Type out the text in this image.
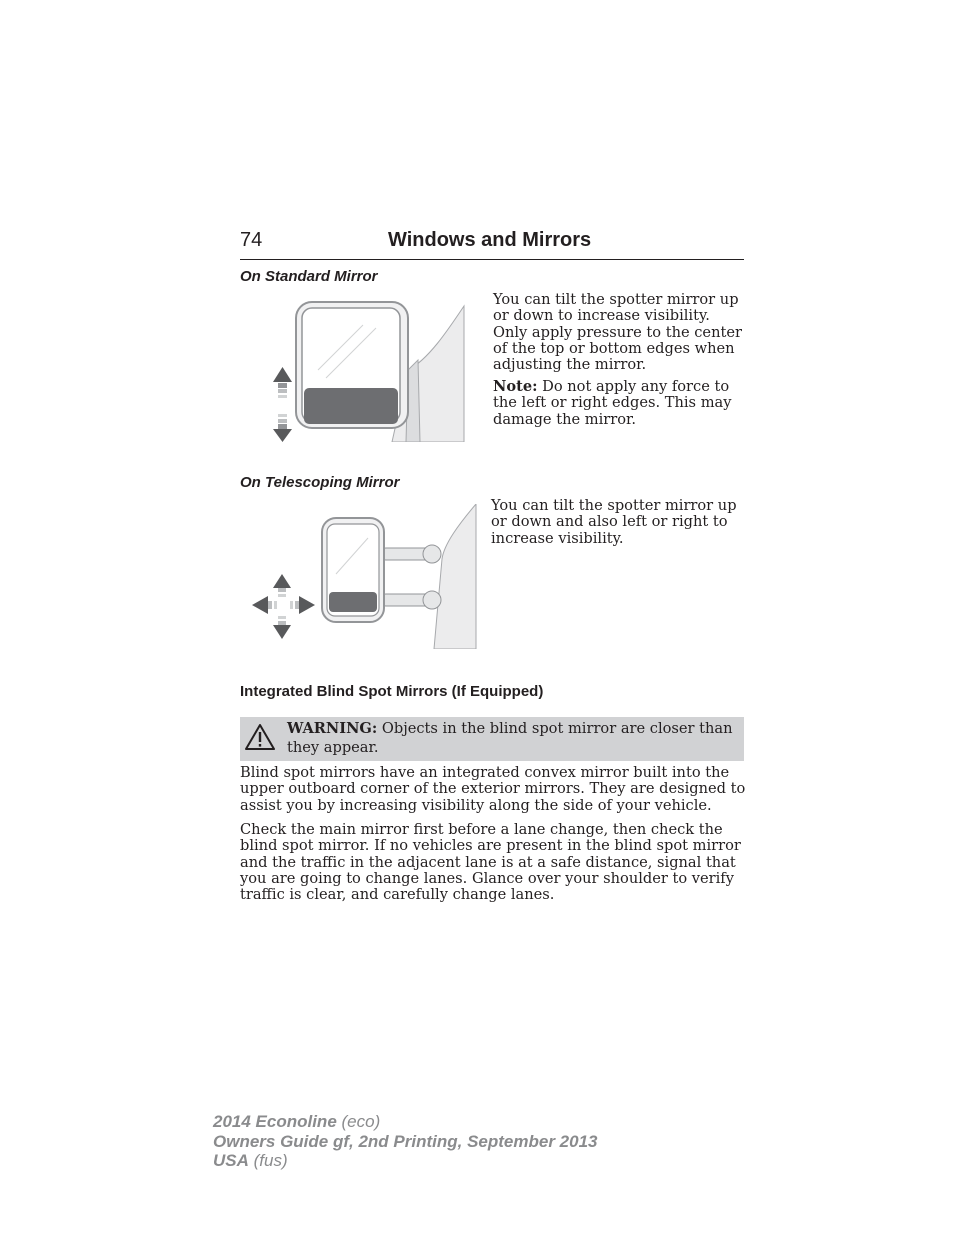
74	Windows and Mirrors
On Standard Mirror
You can tilt the spotter mirror up or down to increase visibility. Only apply pressure to the center of the top or bottom edges when adjusting the mirror.
Note: Do not apply any force to the left or right edges. This may damage the mirror.
On Telescoping Mirror
You can tilt the spotter mirror up or down and also left or right to increase visibility.
Integrated Blind Spot Mirrors (If Equipped)

WARNING: Objects in the blind spot mirror are closer than they appear.

Blind spot mirrors have an integrated convex mirror built into the upper outboard corner of the exterior mirrors. They are designed to assist you by increasing visibility along the side of your vehicle.
Check the main mirror first before a lane change, then check the blind spot mirror. If no vehicles are present in the blind spot mirror and the traffic in the adjacent lane is at a safe distance, signal that you are going to change lanes. Glance over your shoulder to verify traffic is clear, and carefully change lanes.
2014 Econoline (eco)
Owners Guide gf, 2nd Printing, September 2013
USA (fus)
